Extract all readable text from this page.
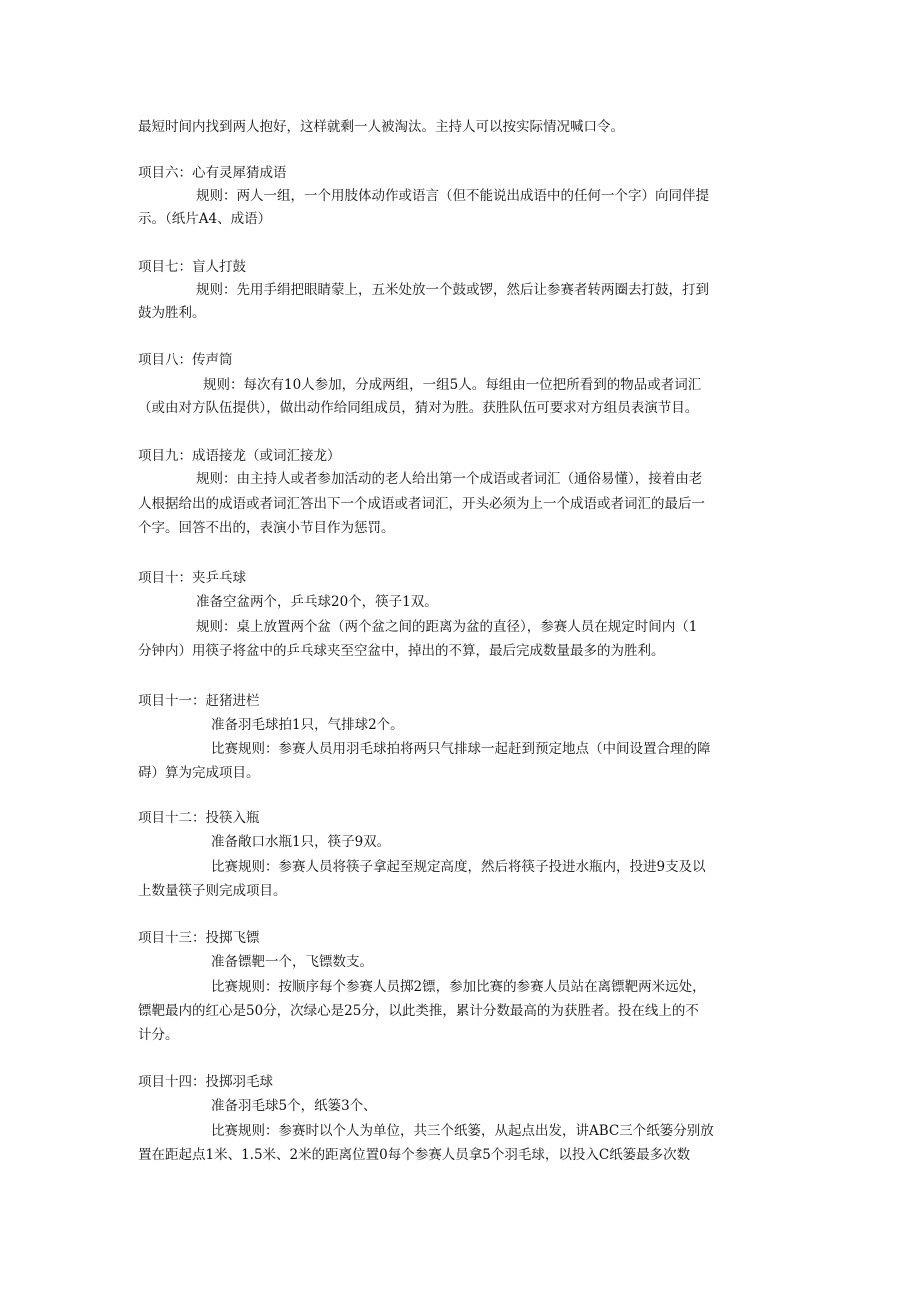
最短时间内找到两人抱好，这样就剩一人被淘汰。主持人可以按实际情况喊口令。
项目六：心有灵犀猜成语
规则：两人一组，一个用肢体动作或语言（但不能说出成语中的任何一个字）向同伴提
示。（纸片A4、成语）
项目七：盲人打鼓
规则：先用手绢把眼睛蒙上，五米处放一个鼓或锣，然后让参赛者转两圈去打鼓，打到
鼓为胜利。
项目八：传声筒
规则：每次有10人参加，分成两组，一组5人。每组由一位把所看到的物品或者词汇
（或由对方队伍提供），做出动作给同组成员，猜对为胜。获胜队伍可要求对方组员表演节目。
项目九：成语接龙（或词汇接龙）
规则：由主持人或者参加活动的老人给出第一个成语或者词汇（通俗易懂），接着由老
人根据给出的成语或者词汇答出下一个成语或者词汇，开头必须为上一个成语或者词汇的最后一
个字。回答不出的，表演小节目作为惩罚。
项目十：夹乒乓球
准备空盆两个，乒乓球20个，筷子1双。
规则：桌上放置两个盆（两个盆之间的距离为盆的直径），参赛人员在规定时间内（1
分钟内）用筷子将盆中的乒乓球夹至空盆中，掉出的不算，最后完成数量最多的为胜利。
项目十一：赶猪进栏
准备羽毛球拍1只，气排球2个。
比赛规则：参赛人员用羽毛球拍将两只气排球一起赶到预定地点（中间设置合理的障
碍）算为完成项目。
项目十二：投筷入瓶
准备敞口水瓶1只，筷子9双。
比赛规则：参赛人员将筷子拿起至规定高度，然后将筷子投进水瓶内，投进9支及以
上数量筷子则完成项目。
项目十三：投掷飞镖
准备镖靶一个，飞镖数支。
比赛规则：按顺序每个参赛人员掷2镖，参加比赛的参赛人员站在离镖靶两米远处，
镖靶最内的红心是50分，次绿心是25分，以此类推，累计分数最高的为获胜者。投在线上的不
计分。
项目十四：投掷羽毛球
准备羽毛球5个，纸篓3个、
比赛规则：参赛时以个人为单位，共三个纸篓，从起点出发，讲ABC三个纸篓分别放
置在距起点1米、1.5米、2米的距离位置0每个参赛人员拿5个羽毛球，以投入C纸篓最多次数
